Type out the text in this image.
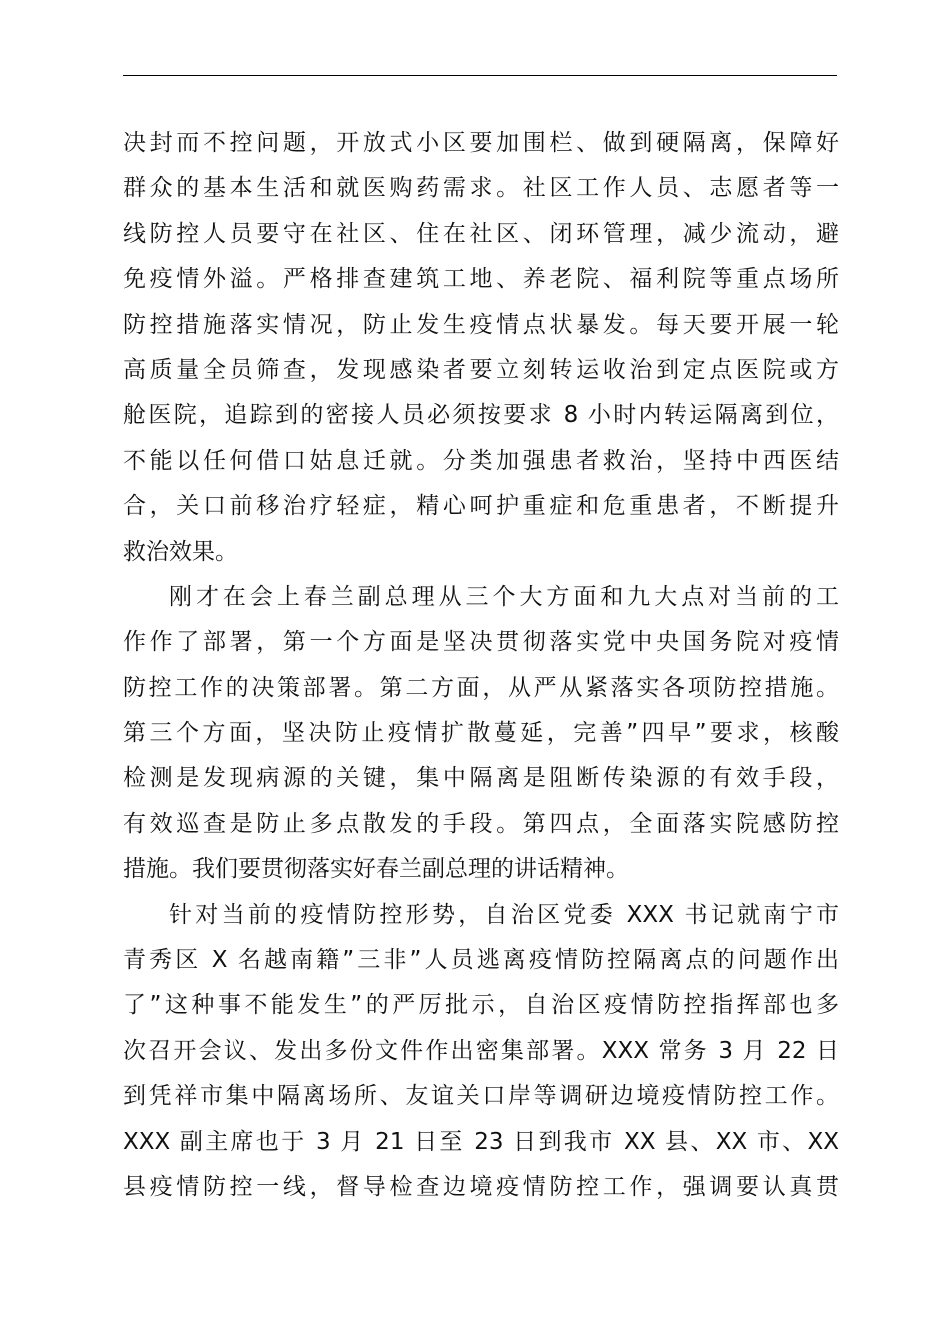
决封而不控问题，开放式小区要加围栏、做到硬隔离，保障好
群众的基本生活和就医购药需求。社区工作人员、志愿者等一
线防控人员要守在社区、住在社区、闭环管理，减少流动，避
免疫情外溢。严格排查建筑工地、养老院、福利院等重点场所
防控措施落实情况，防止发生疫情点状暴发。每天要开展一轮
高质量全员筛查，发现感染者要立刻转运收治到定点医院或方
舱医院，追踪到的密接人员必须按要求 8 小时内转运隔离到位，
不能以任何借口姑息迁就。分类加强患者救治，坚持中西医结
合，关口前移治疗轻症，精心呵护重症和危重患者，不断提升
救治效果。
刚才在会上春兰副总理从三个大方面和九大点对当前的工
作作了部署，第一个方面是坚决贯彻落实党中央国务院对疫情
防控工作的决策部署。第二方面，从严从紧落实各项防控措施。
第三个方面，坚决防止疫情扩散蔓延，完善”四早”要求，核酸
检测是发现病源的关键，集中隔离是阻断传染源的有效手段，
有效巡查是防止多点散发的手段。第四点，全面落实院感防控
措施。我们要贯彻落实好春兰副总理的讲话精神。
针对当前的疫情防控形势，自治区党委 XXX 书记就南宁市
青秀区 X 名越南籍”三非”人员逃离疫情防控隔离点的问题作出
了”这种事不能发生”的严厉批示，自治区疫情防控指挥部也多
次召开会议、发出多份文件作出密集部署。XXX 常务 3 月 22 日
到凭祥市集中隔离场所、友谊关口岸等调研边境疫情防控工作。
XXX 副主席也于 3 月 21 日至 23 日到我市 XX 县、XX 市、XX
县疫情防控一线，督导检查边境疫情防控工作，强调要认真贯
